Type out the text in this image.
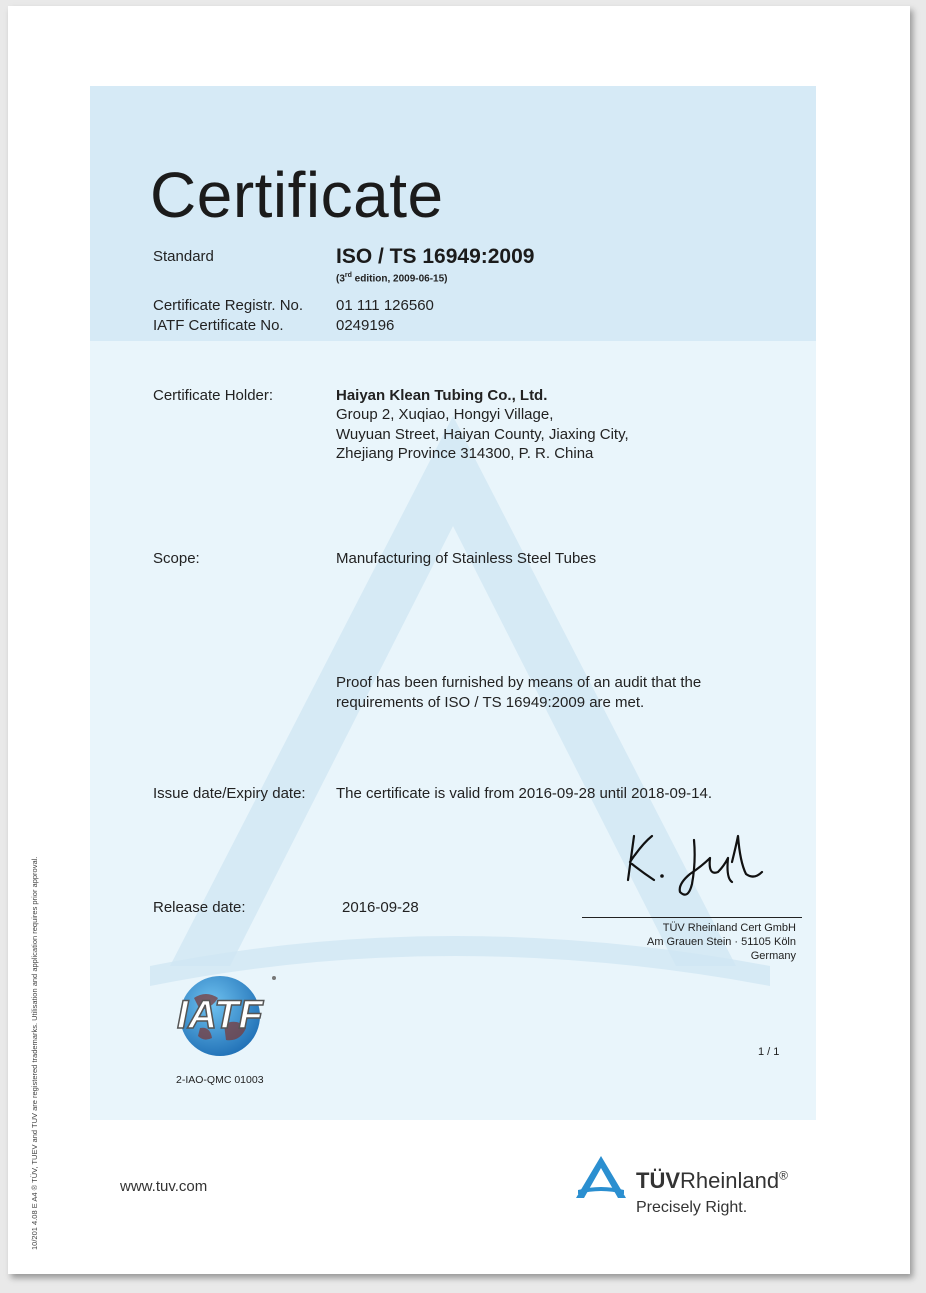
Certificate
Standard	ISO / TS 16949:2009
(3rd edition, 2009-06-15)
Certificate Registr. No. 01 111 126560
IATF Certificate No.	0249196
Certificate Holder:	Haiyan Klean Tubing Co., Ltd.
Group 2, Xuqiao, Hongyi Village,
Wuyuan Street, Haiyan County, Jiaxing City,
Zhejiang Province 314300, P. R. China
Scope:	Manufacturing of Stainless Steel Tubes
Proof has been furnished by means of an audit that the
requirements of ISO / TS 16949:2009 are met.
Issue date/Expiry date: The certificate is valid from 2016-09-28 until 2018-09-14.
Release date:	2016-09-28
TÜV Rheinland Cert GmbH
Am Grauen Stein · 51105 Köln
Germany
1 / 1
IATF
2-IAO-QMC 01003
www.tuv.com	TÜVRheinland®
Precisely Right.
10/201 4.08 E A4 ® TÜV, TUEV and TUV are registered trademarks. Utilisation and application requires prior approval.
